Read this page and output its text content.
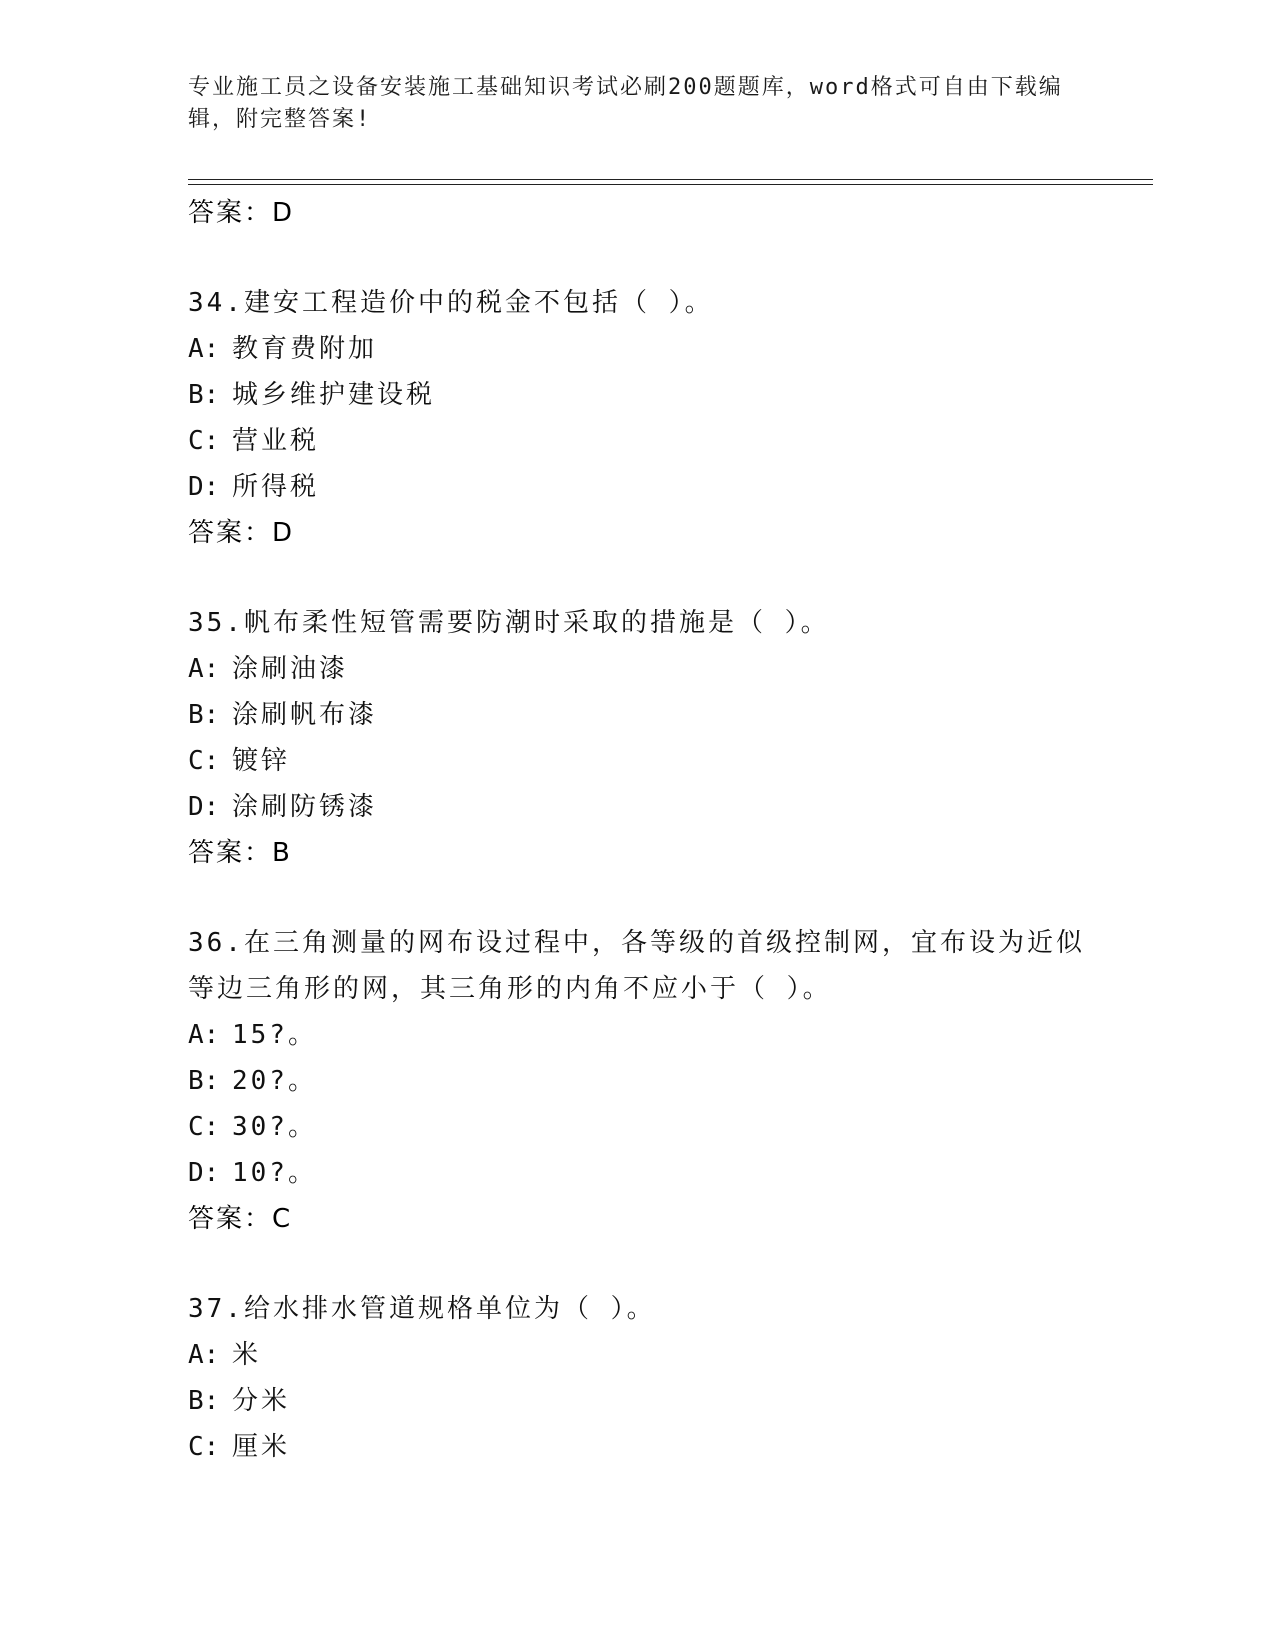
专业施工员之设备安装施工基础知识考试必刷200题题库，word格式可自由下载编辑，附完整答案!
答案：D
34.建安工程造价中的税金不包括（ ）。
A: 教育费附加
B: 城乡维护建设税
C: 营业税
D: 所得税
答案：D
35.帆布柔性短管需要防潮时采取的措施是（ ）。
A: 涂刷油漆
B: 涂刷帆布漆
C: 镀锌
D: 涂刷防锈漆
答案：B
36.在三角测量的网布设过程中，各等级的首级控制网，宜布设为近似等边三角形的网，其三角形的内角不应小于（ ）。
A: 15?。
B: 20?。
C: 30?。
D: 10?。
答案：C
37.给水排水管道规格单位为（ ）。
A: 米
B: 分米
C: 厘米
